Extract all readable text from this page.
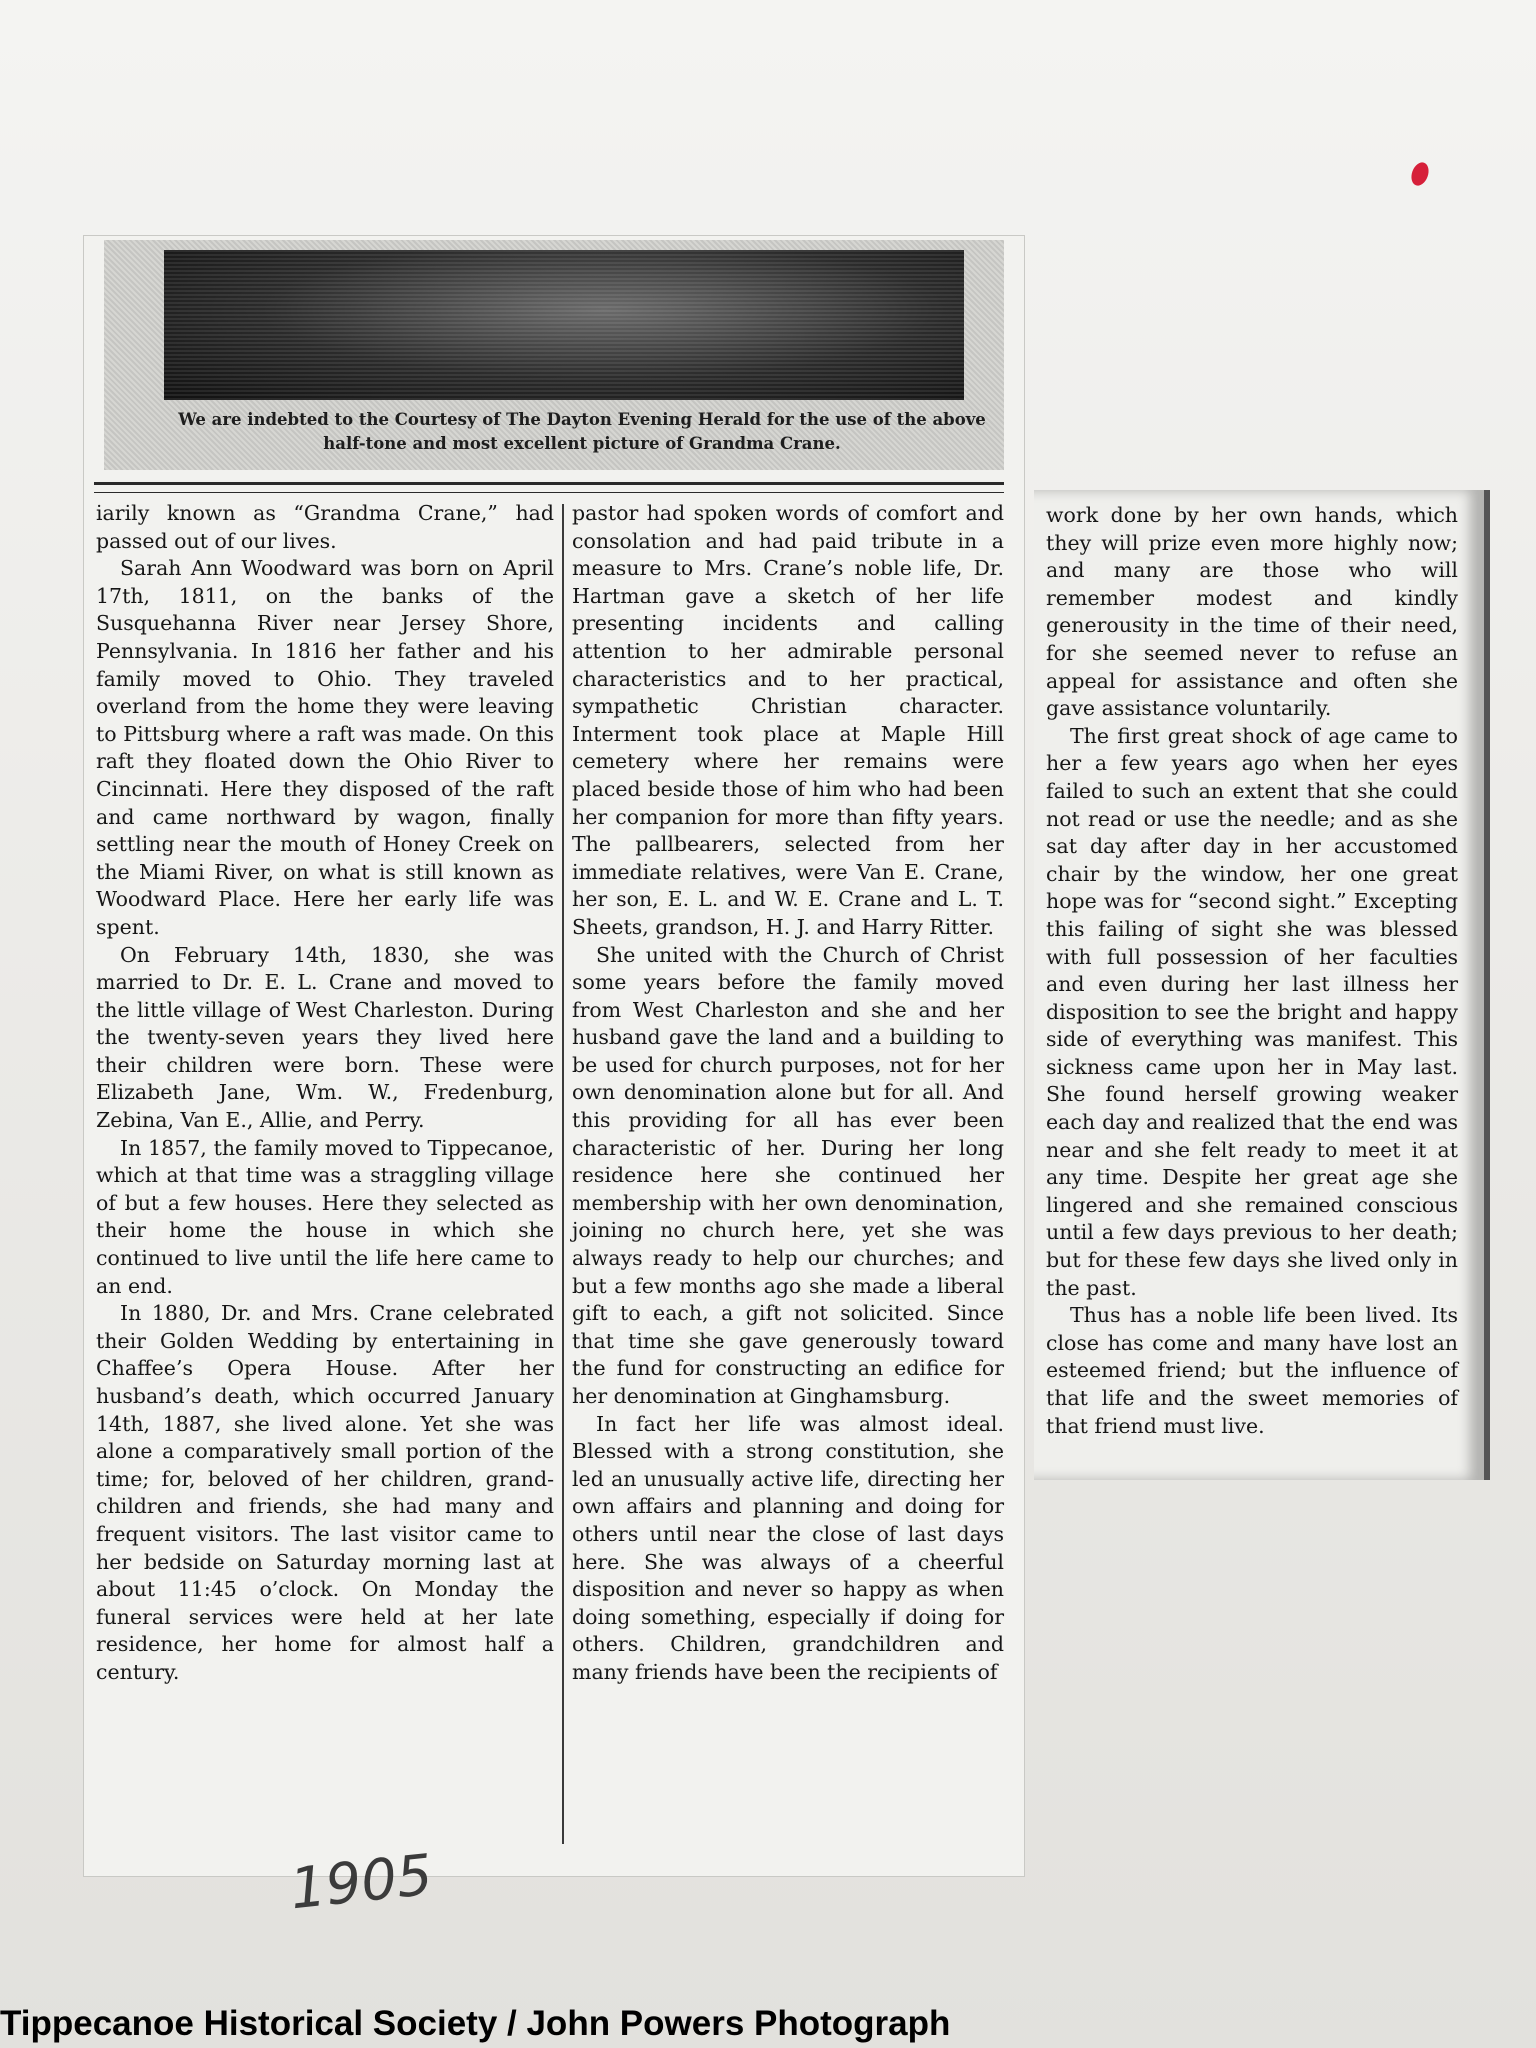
We are indebted to the Courtesy of The Dayton Evening Herald for the use of the above
half-tone and most excellent picture of Grandma Crane.

iarily known as “Grandma Crane,” had passed out of our lives.

Sarah Ann Woodward was born on April 17th, 1811, on the banks of the Susquehanna River near Jersey Shore, Pennsylvania. In 1816 her father and his family moved to Ohio. They traveled overland from the home they were leaving to Pittsburg where a raft was made. On this raft they floated down the Ohio River to Cincinnati. Here they disposed of the raft and came northward by wagon, finally settling near the mouth of Honey Creek on the Miami River, on what is still known as Woodward Place. Here her early life was spent.

On February 14th, 1830, she was married to Dr. E. L. Crane and moved to the little village of West Charleston. During the twenty-seven years they lived here their children were born. These were Elizabeth Jane, Wm. W., Fredenburg, Zebina, Van E., Allie, and Perry.

In 1857, the family moved to Tippecanoe, which at that time was a straggling village of but a few houses. Here they selected as their home the house in which she continued to live until the life here came to an end.

In 1880, Dr. and Mrs. Crane celebrated their Golden Wedding by entertaining in Chaffee’s Opera House. After her husband’s death, which occurred January 14th, 1887, she lived alone. Yet she was alone a comparatively small portion of the time; for, beloved of her children, grand-children and friends, she had many and frequent visitors. The last visitor came to her bedside on Saturday morning last at about 11:45 o’clock. On Monday the funeral services were held at her late residence, her home for almost half a century.

pastor had spoken words of comfort and consolation and had paid tribute in a measure to Mrs. Crane’s noble life, Dr. Hartman gave a sketch of her life presenting incidents and calling attention to her admirable personal characteristics and to her practical, sympathetic Christian character. Interment took place at Maple Hill cemetery where her remains were placed beside those of him who had been her companion for more than fifty years. The pallbearers, selected from her immediate relatives, were Van E. Crane, her son, E. L. and W. E. Crane and L. T. Sheets, grandson, H. J. and Harry Ritter.

She united with the Church of Christ some years before the family moved from West Charleston and she and her husband gave the land and a building to be used for church purposes, not for her own denomination alone but for all. And this providing for all has ever been characteristic of her. During her long residence here she continued her membership with her own denomination, joining no church here, yet she was always ready to help our churches; and but a few months ago she made a liberal gift to each, a gift not solicited. Since that time she gave generously toward the fund for constructing an edifice for her denomination at Ginghamsburg.

In fact her life was almost ideal. Blessed with a strong constitution, she led an unusually active life, directing her own affairs and planning and doing for others until near the close of last days here. She was always of a cheerful disposition and never so happy as when doing something, especially if doing for others. Children, grandchildren and many friends have been the recipients of

work done by her own hands, which they will prize even more highly now; and many are those who will remember modest and kindly generousity in the time of their need, for she seemed never to refuse an appeal for assistance and often she gave assistance voluntarily.

The first great shock of age came to her a few years ago when her eyes failed to such an extent that she could not read or use the needle; and as she sat day after day in her accustomed chair by the window, her one great hope was for “second sight.” Excepting this failing of sight she was blessed with full possession of her faculties and even during her last illness her disposition to see the bright and happy side of everything was manifest. This sickness came upon her in May last. She found herself growing weaker each day and realized that the end was near and she felt ready to meet it at any time. Despite her great age she lingered and she remained conscious until a few days previous to her death; but for these few days she lived only in the past.

Thus has a noble life been lived. Its close has come and many have lost an esteemed friend; but the influence of that life and the sweet memories of that friend must live.

1905
Tippecanoe Historical Society / John Powers Photograph
